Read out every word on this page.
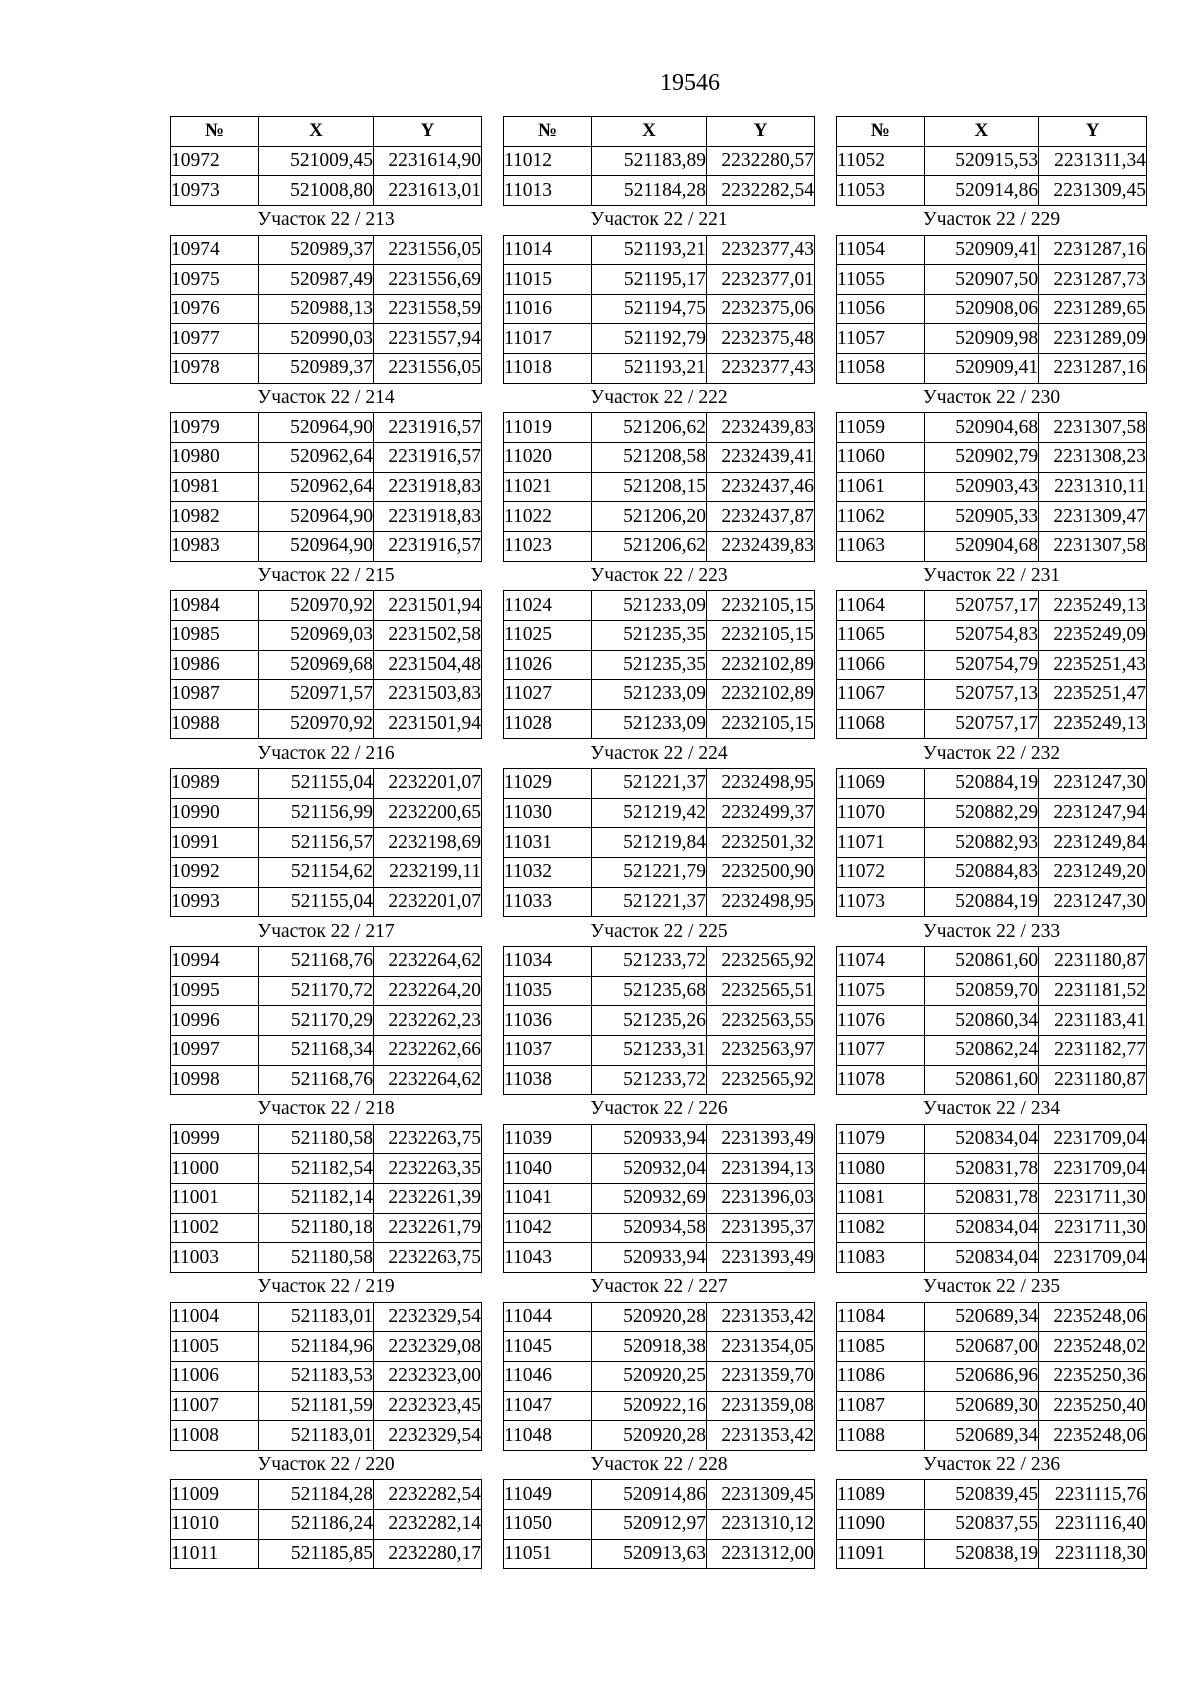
19546
№	X	Y
10972	521009,45	2231614,90
10973	521008,80	2231613,01
Участок 22 / 213		
10974	520989,37	2231556,05
10975	520987,49	2231556,69
10976	520988,13	2231558,59
10977	520990,03	2231557,94
10978	520989,37	2231556,05
Участок 22 / 214		
10979	520964,90	2231916,57
10980	520962,64	2231916,57
10981	520962,64	2231918,83
10982	520964,90	2231918,83
10983	520964,90	2231916,57
Участок 22 / 215		
10984	520970,92	2231501,94
10985	520969,03	2231502,58
10986	520969,68	2231504,48
10987	520971,57	2231503,83
10988	520970,92	2231501,94
Участок 22 / 216		
10989	521155,04	2232201,07
10990	521156,99	2232200,65
10991	521156,57	2232198,69
10992	521154,62	2232199,11
10993	521155,04	2232201,07
Участок 22 / 217		
10994	521168,76	2232264,62
10995	521170,72	2232264,20
10996	521170,29	2232262,23
10997	521168,34	2232262,66
10998	521168,76	2232264,62
Участок 22 / 218		
10999	521180,58	2232263,75
11000	521182,54	2232263,35
11001	521182,14	2232261,39
11002	521180,18	2232261,79
11003	521180,58	2232263,75
Участок 22 / 219		
11004	521183,01	2232329,54
11005	521184,96	2232329,08
11006	521183,53	2232323,00
11007	521181,59	2232323,45
11008	521183,01	2232329,54
Участок 22 / 220		
11009	521184,28	2232282,54
11010	521186,24	2232282,14
11011	521185,85	2232280,17
№	X	Y
11012	521183,89	2232280,57
11013	521184,28	2232282,54
Участок 22 / 221		
11014	521193,21	2232377,43
11015	521195,17	2232377,01
11016	521194,75	2232375,06
11017	521192,79	2232375,48
11018	521193,21	2232377,43
Участок 22 / 222		
11019	521206,62	2232439,83
11020	521208,58	2232439,41
11021	521208,15	2232437,46
11022	521206,20	2232437,87
11023	521206,62	2232439,83
Участок 22 / 223		
11024	521233,09	2232105,15
11025	521235,35	2232105,15
11026	521235,35	2232102,89
11027	521233,09	2232102,89
11028	521233,09	2232105,15
Участок 22 / 224		
11029	521221,37	2232498,95
11030	521219,42	2232499,37
11031	521219,84	2232501,32
11032	521221,79	2232500,90
11033	521221,37	2232498,95
Участок 22 / 225		
11034	521233,72	2232565,92
11035	521235,68	2232565,51
11036	521235,26	2232563,55
11037	521233,31	2232563,97
11038	521233,72	2232565,92
Участок 22 / 226		
11039	520933,94	2231393,49
11040	520932,04	2231394,13
11041	520932,69	2231396,03
11042	520934,58	2231395,37
11043	520933,94	2231393,49
Участок 22 / 227		
11044	520920,28	2231353,42
11045	520918,38	2231354,05
11046	520920,25	2231359,70
11047	520922,16	2231359,08
11048	520920,28	2231353,42
Участок 22 / 228		
11049	520914,86	2231309,45
11050	520912,97	2231310,12
11051	520913,63	2231312,00
№	X	Y
11052	520915,53	2231311,34
11053	520914,86	2231309,45
Участок 22 / 229		
11054	520909,41	2231287,16
11055	520907,50	2231287,73
11056	520908,06	2231289,65
11057	520909,98	2231289,09
11058	520909,41	2231287,16
Участок 22 / 230		
11059	520904,68	2231307,58
11060	520902,79	2231308,23
11061	520903,43	2231310,11
11062	520905,33	2231309,47
11063	520904,68	2231307,58
Участок 22 / 231		
11064	520757,17	2235249,13
11065	520754,83	2235249,09
11066	520754,79	2235251,43
11067	520757,13	2235251,47
11068	520757,17	2235249,13
Участок 22 / 232		
11069	520884,19	2231247,30
11070	520882,29	2231247,94
11071	520882,93	2231249,84
11072	520884,83	2231249,20
11073	520884,19	2231247,30
Участок 22 / 233		
11074	520861,60	2231180,87
11075	520859,70	2231181,52
11076	520860,34	2231183,41
11077	520862,24	2231182,77
11078	520861,60	2231180,87
Участок 22 / 234		
11079	520834,04	2231709,04
11080	520831,78	2231709,04
11081	520831,78	2231711,30
11082	520834,04	2231711,30
11083	520834,04	2231709,04
Участок 22 / 235		
11084	520689,34	2235248,06
11085	520687,00	2235248,02
11086	520686,96	2235250,36
11087	520689,30	2235250,40
11088	520689,34	2235248,06
Участок 22 / 236		
11089	520839,45	2231115,76
11090	520837,55	2231116,40
11091	520838,19	2231118,30
